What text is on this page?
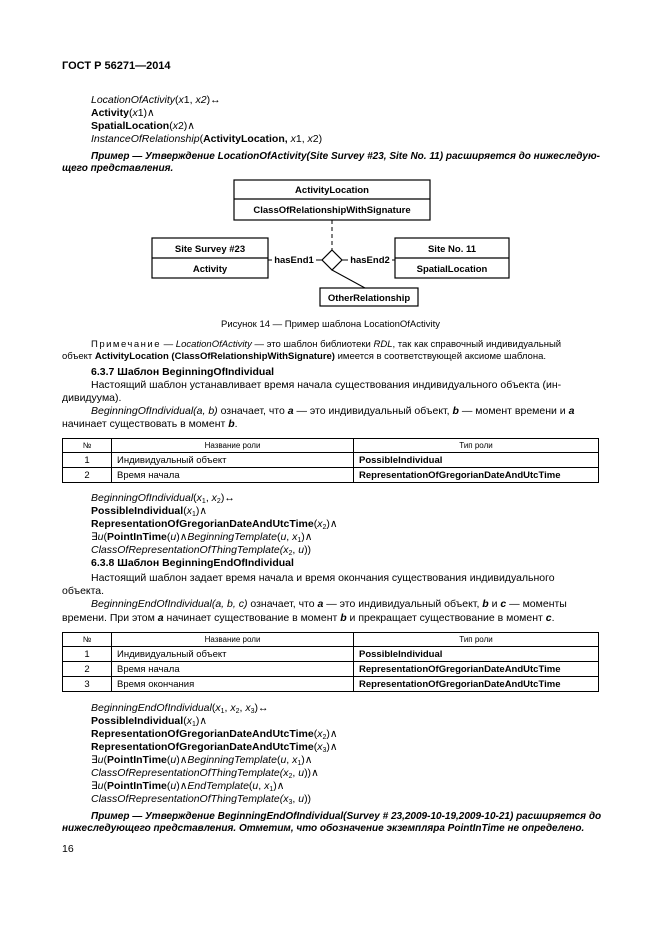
ГОСТ Р 56271—2014
LocationOfActivity(x1, x2)↔
Activity(x1)∧
SpatialLocation(x2)∧
InstanceOfRelationship(ActivityLocation, x1, x2)
Пример — Утверждение LocationOfActivity(Site Survey #23, Site No. 11) расширяется до нижеследую-
щего представления.
ActivityLocation
ClassOfRelationshipWithSignature
Site Survey #23
Activity
Site No. 11
SpatialLocation
OtherRelationship
hasEnd1	hasEnd2
Рисунок 14 — Пример шаблона LocationOfActivity
Примечание — LocationOfActivity — это шаблон библиотеки RDL, так как справочный индивидуальный
объект ActivityLocation (ClassOfRelationshipWithSignature) имеется в соответствующей аксиоме шаблона.
6.3.7 Шаблон BeginningOfIndividual
Настоящий шаблон устанавливает время начала существования индивидуального объекта (ин-
дивидуума).
BeginningOfIndividual(a, b) означает, что a — это индивидуальный объект, b — момент времени и a
начинает существовать в момент b.
№	Название роли	Тип роли
1	Индивидуальный объект	PossibleIndividual
2	Время начала	RepresentationOfGregorianDateAndUtcTime
$BeginningOfIndividual(x_1$, $x_2)\leftrightarrow$
$PossibleIndividual(x_1)\wedge$
$RepresentationOfGregorianDateAndUtcTime(x_2)\wedge$
∃u(PointInTime(u)∧BeginningTemplate(u, $x_1)\wedge$
$ClassOfRepresentationOfThingTemplate(x_2$, u))
6.3.8 Шаблон BeginningEndOfIndividual
Настоящий шаблон задает время начала и время окончания существования индивидуального
объекта.
BeginningEndOfIndividual(a, b, c) означает, что a — это индивидуальный объект, b и c — моменты
времени. При этом a начинает существование в момент b и прекращает существование в момент c.
№	Название роли	Тип роли
1	Индивидуальный объект	PossibleIndividual
2	Время начала	RepresentationOfGregorianDateAndUtcTime
3	Время окончания	RepresentationOfGregorianDateAndUtcTime
$BeginningEndOfIndividual(x_1$, $x_2$, $x_3)\leftrightarrow$
$PossibleIndividual(x_1)\wedge$
$RepresentationOfGregorianDateAndUtcTime(x_2)\wedge$
$RepresentationOfGregorianDateAndUtcTime(x_3)\wedge$
∃u(PointInTime(u)∧BeginningTemplate(u, $x_1)\wedge$
$ClassOfRepresentationOfThingTemplate(x_2$, u))∧
∃u(PointInTime(u)∧EndTemplate(u, $x_1)\wedge$
$ClassOfRepresentationOfThingTemplate(x_3$, u))
Пример — Утверждение BeginningEndOfIndividual(Survey # 23,2009-10-19,2009-10-21) расширяется до
нижеследующего представления. Отметим, что обозначение экземпляра PointInTime не определено.
16
